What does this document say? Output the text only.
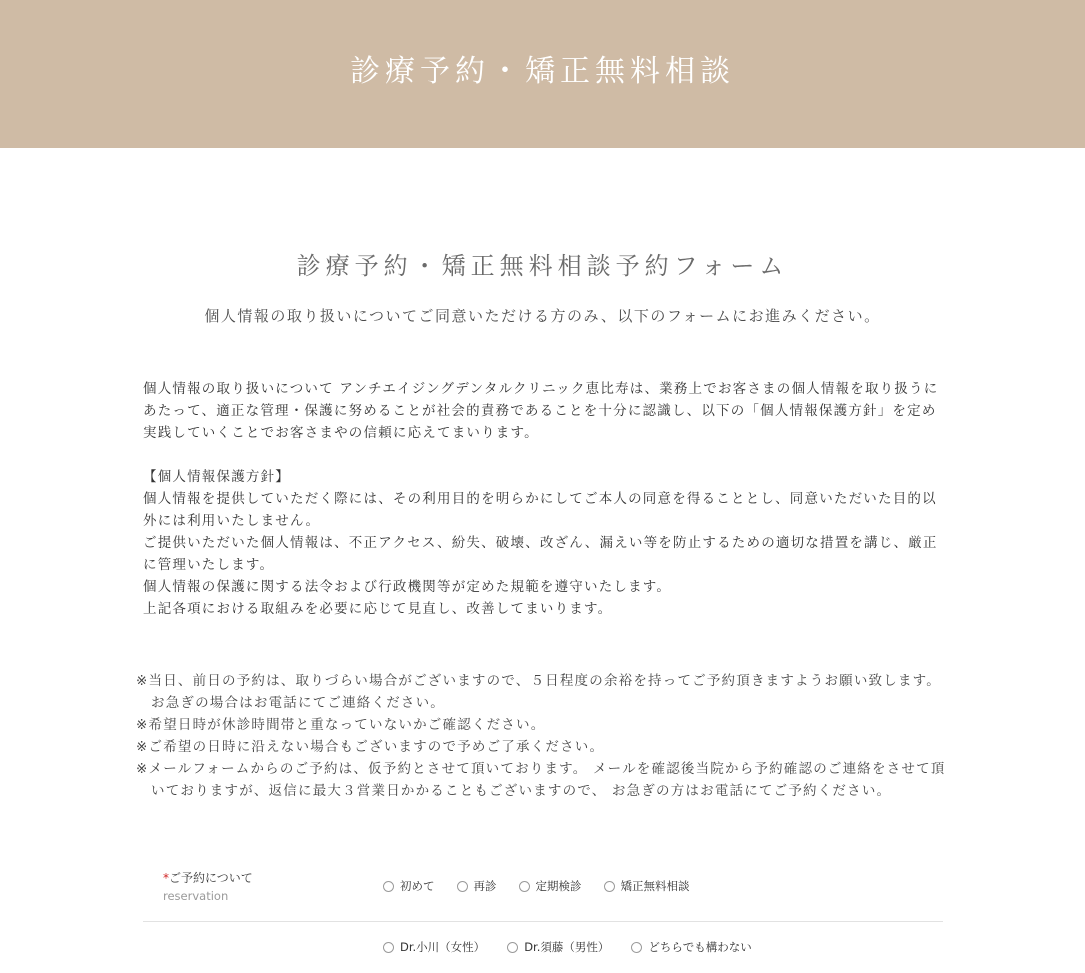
診療予約・矯正無料相談
診療予約・矯正無料相談予約フォーム
個人情報の取り扱いについてご同意いただける方のみ、以下のフォームにお進みください。

個人情報の取り扱いについて アンチエイジングデンタルクリニック恵比寿は、業務上でお客さまの個人情報を取り扱うにあたって、適正な管理・保護に努めることが社会的責務であることを十分に認識し、以下の「個人情報保護方針」を定め実践していくことでお客さまやの信頼に応えてまいります。

【個人情報保護方針】

個人情報を提供していただく際には、その利用目的を明らかにしてご本人の同意を得ることとし、同意いただいた目的以外には利用いたしません。

ご提供いただいた個人情報は、不正アクセス、紛失、破壊、改ざん、漏えい等を防止するための適切な措置を講じ、厳正に管理いたします。

個人情報の保護に関する法令および行政機関等が定めた規範を遵守いたします。

上記各項における取組みを必要に応じて見直し、改善してまいります。

※当日、前日の予約は、取りづらい場合がございますので、５日程度の余裕を持ってご予約頂きますようお願い致します。 お急ぎの場合はお電話にてご連絡ください。
※希望日時が休診時間帯と重なっていないかご確認ください。
※ご希望の日時に沿えない場合もございますので予めご了承ください。
※メールフォームからのご予約は、仮予約とさせて頂いております。 メールを確認後当院から予約確認のご連絡をさせて頂いておりますが、返信に最大３営業日かかることもございますので、 お急ぎの方はお電話にてご予約ください。
*ご予約について
reservation
初めて	再診	定期検診	矯正無料相談
Dr.小川（女性）	Dr.須藤（男性）	どちらでも構わない
